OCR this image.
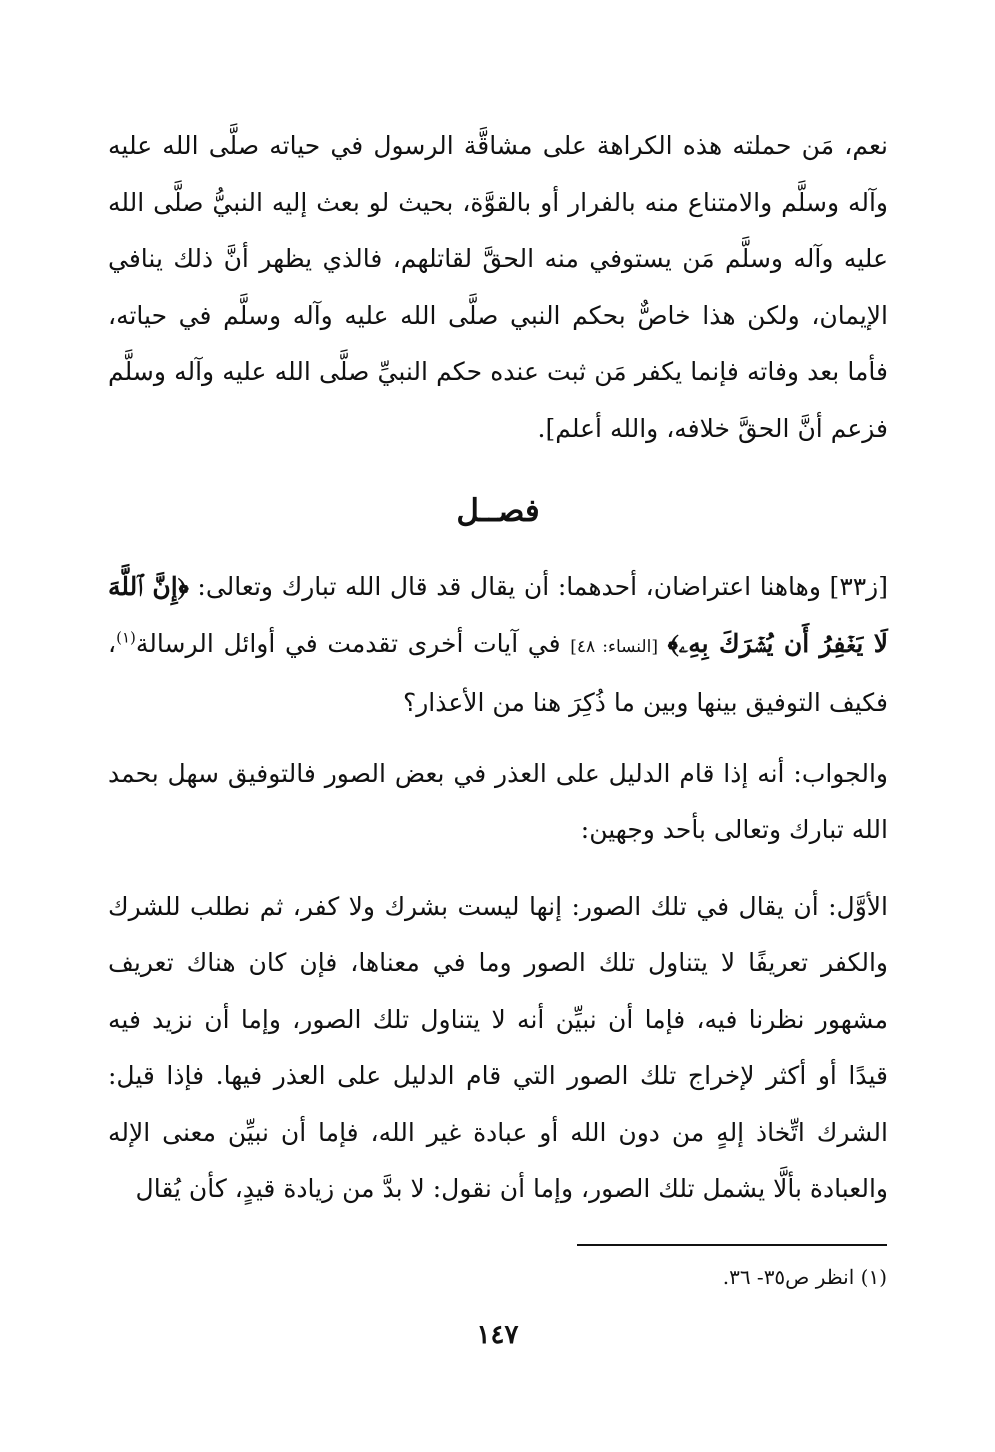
نعم، مَن حملته هذه الكراهة على مشاقَّة الرسول في حياته صلَّى الله عليه وآله وسلَّم والامتناع منه بالفرار أو بالقوَّة، بحيث لو بعث إليه النبيُّ صلَّى الله عليه وآله وسلَّم مَن يستوفي منه الحقَّ لقاتلهم، فالذي يظهر أنَّ ذلك ينافي الإيمان، ولكن هذا خاصٌّ بحكم النبي صلَّى الله عليه وآله وسلَّم في حياته، فأما بعد وفاته فإنما يكفر مَن ثبت عنده حكم النبيِّ صلَّى الله عليه وآله وسلَّم فزعم أنَّ الحقَّ خلافه، والله أعلم].

فصــل

[ز٣٣] وهاهنا اعتراضان، أحدهما: أن يقال قد قال الله تبارك وتعالى: ﴿إِنَّ ٱللَّهَ لَا يَغۡفِرُ أَن يُشۡرَكَ بِهِۦ﴾ [النساء: ٤٨] في آيات أخرى تقدمت في أوائل الرسالة$^{(١)}$، فكيف التوفيق بينها وبين ما ذُكِرَ هنا من الأعذار؟

والجواب: أنه إذا قام الدليل على العذر في بعض الصور فالتوفيق سهل بحمد الله تبارك وتعالى بأحد وجهين:

الأوَّل: أن يقال في تلك الصور: إنها ليست بشرك ولا كفر، ثم نطلب للشرك والكفر تعريفًا لا يتناول تلك الصور وما في معناها، فإن كان هناك تعريف مشهور نظرنا فيه، فإما أن نبيِّن أنه لا يتناول تلك الصور، وإما أن نزيد فيه قيدًا أو أكثر لإخراج تلك الصور التي قام الدليل على العذر فيها. فإذا قيل: الشرك اتِّخاذ إلهٍ من دون الله أو عبادة غير الله، فإما أن نبيِّن معنى الإله والعبادة بألَّا يشمل تلك الصور، وإما أن نقول: لا بدَّ من زيادة قيدٍ، كأن يُقال

(١) انظر ص٣٥- ٣٦.
١٤٧
